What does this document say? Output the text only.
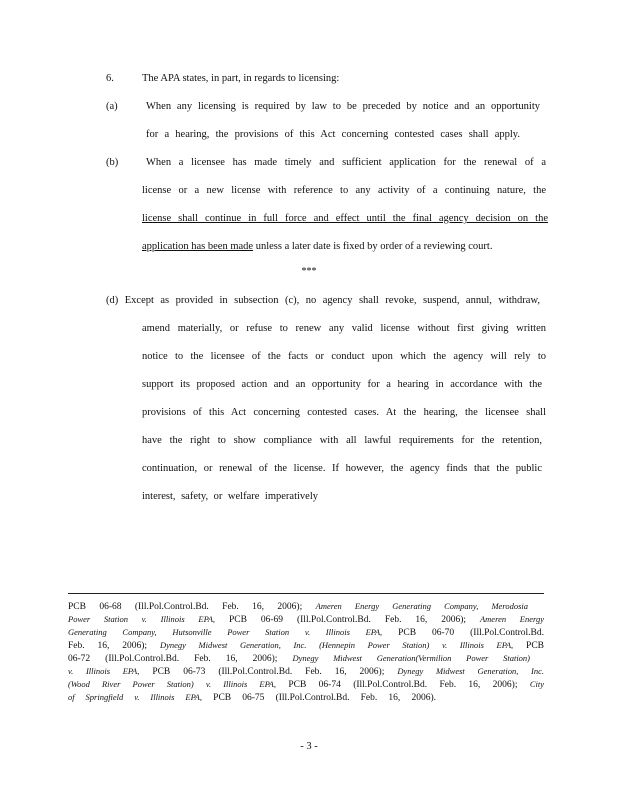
6.	The APA states, in part, in regards to licensing:
(a)	When any licensing is required by law to be preceded by notice and an opportunity
for a hearing, the provisions of this Act concerning contested cases shall apply.
(b)	When a licensee has made timely and sufficient application for the renewal of a
license or a new license with reference to any activity of a continuing nature, the
license shall continue in full force and effect until the final agency decision on the
application has been made unless a later date is fixed by order of a reviewing court.
***
(d) Except as provided in subsection (c), no agency shall revoke, suspend, annul, withdraw,
amend materially, or refuse to renew any valid license without first giving written
notice to the licensee of the facts or conduct upon which the agency will rely to
support its proposed action and an opportunity for a hearing in accordance with the
provisions of this Act concerning contested cases. At the hearing, the licensee shall
have the right to show compliance with all lawful requirements for the retention,
continuation, or renewal of the license. If however, the agency finds that the public
interest, safety, or welfare imperatively
PCB 06-68 (Ill.Pol.Control.Bd. Feb. 16, 2006); Ameren Energy Generating Company, Merodosia
Power Station v. Illinois EPA, PCB 06-69 (Ill.Pol.Control.Bd. Feb. 16, 2006); Ameren Energy
Generating Company, Hutsonville Power Station v. Illinois EPA, PCB 06-70 (Ill.Pol.Control.Bd.
Feb. 16, 2006); Dynegy Midwest Generation, Inc. (Hennepin Power Station) v. Illinois EPA, PCB
06-72 (Ill.Pol.Control.Bd. Feb. 16, 2006); Dynegy Midwest Generation(Vermilion Power Station)
v. Illinois EPA, PCB 06-73 (Ill.Pol.Control.Bd. Feb. 16, 2006); Dynegy Midwest Generation, Inc.
(Wood River Power Station) v. Illinois EPA, PCB 06-74 (Ill.Pol.Control.Bd. Feb. 16, 2006); City
of Springfield v. Illinois EPA, PCB 06-75 (Ill.Pol.Control.Bd. Feb. 16, 2006).
- 3 -
